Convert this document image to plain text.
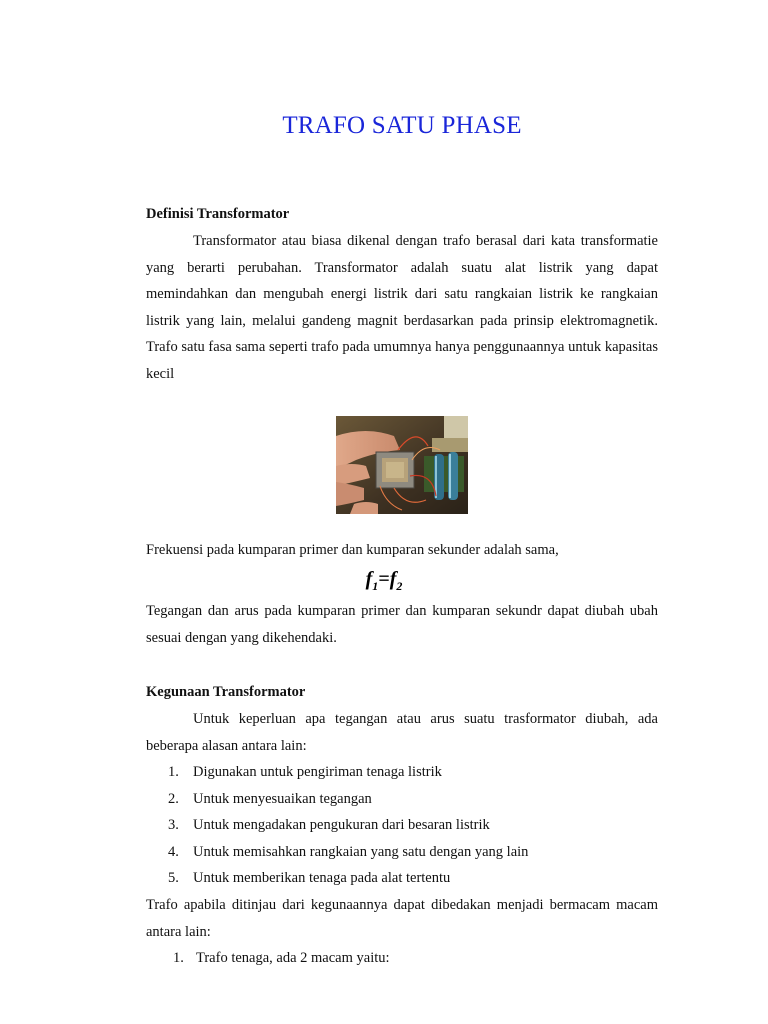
TRAFO SATU PHASE
Definisi Transformator
Transformator atau biasa dikenal dengan trafo berasal dari kata transformatie yang berarti perubahan. Transformator adalah suatu alat listrik yang dapat memindahkan dan mengubah energi listrik dari satu rangkaian listrik ke rangkaian listrik yang lain, melalui gandeng magnit berdasarkan pada prinsip elektromagnetik. Trafo satu fasa sama seperti trafo pada umumnya hanya penggunaannya untuk kapasitas kecil
Frekuensi pada kumparan primer dan kumparan sekunder adalah sama,
$f_1=f_2$
Tegangan dan arus pada kumparan primer dan kumparan sekundr dapat diubah ubah sesuai dengan yang dikehendaki.
Kegunaan Transformator
Untuk keperluan apa tegangan atau arus suatu trasformator diubah, ada beberapa alasan antara lain:
1. Digunakan untuk pengiriman tenaga listrik
2. Untuk menyesuaikan tegangan
3. Untuk mengadakan pengukuran dari besaran listrik
4. Untuk memisahkan rangkaian yang satu dengan yang lain
5. Untuk memberikan tenaga pada alat tertentu
Trafo apabila ditinjau dari kegunaannya dapat dibedakan menjadi bermacam macam antara lain:
1. Trafo tenaga, ada 2 macam yaitu:
